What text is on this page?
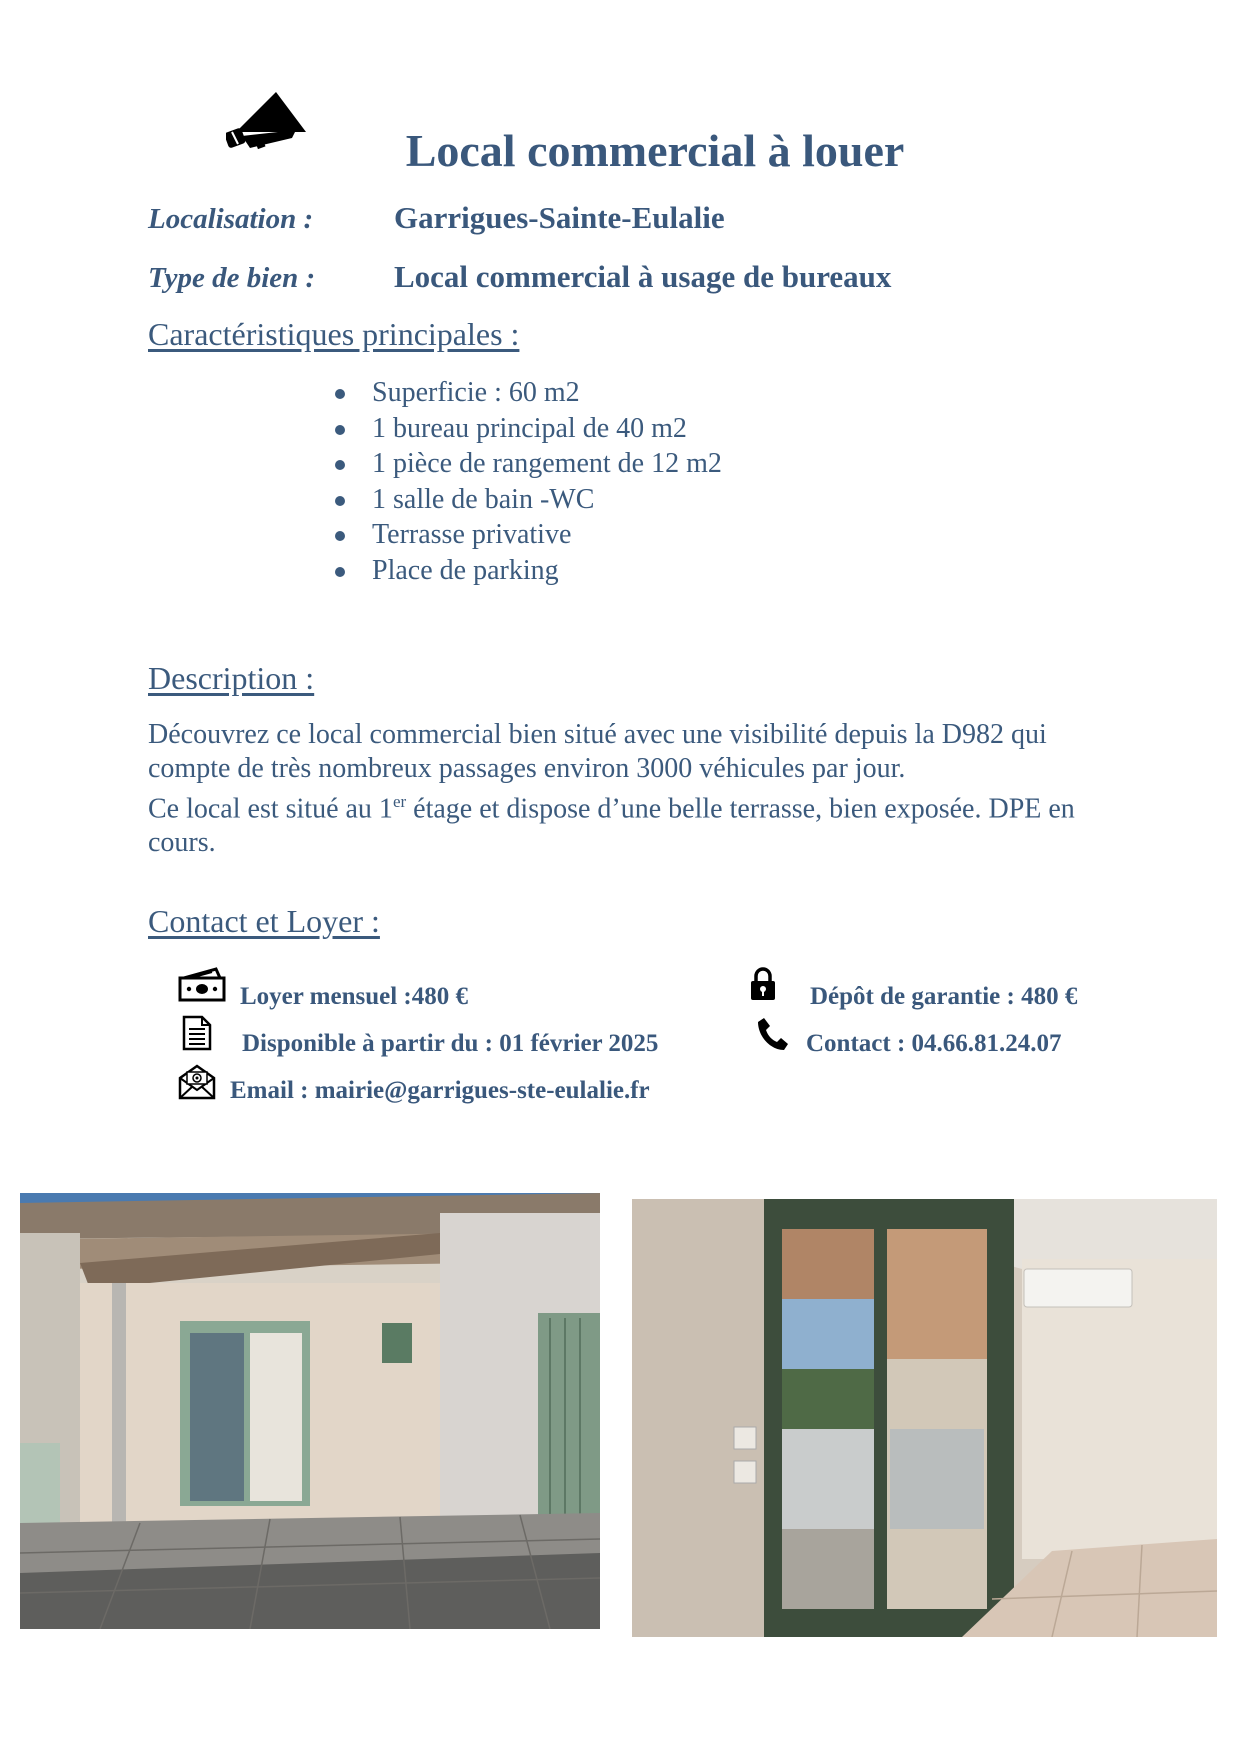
Local commercial à louer
Localisation :	Garrigues-Sainte-Eulalie
Type de bien :	Local commercial à usage de bureaux
Caractéristiques principales :
Superficie : 60 m2
1 bureau principal de 40 m2
1 pièce de rangement de 12 m2
1 salle de bain -WC
Terrasse privative
Place de parking
Description :
Découvrez ce local commercial bien situé avec une visibilité depuis la D982 qui compte de très nombreux passages environ 3000 véhicules par jour.
Ce local est situé au 1er étage et dispose d’une belle terrasse, bien exposée. DPE en cours.
Contact et Loyer :
Loyer mensuel :480 €	Dépôt de garantie : 480 €
Disponible à partir du : 01 février 2025	Contact : 04.66.81.24.07
Email : mairie@garrigues-ste-eulalie.fr
